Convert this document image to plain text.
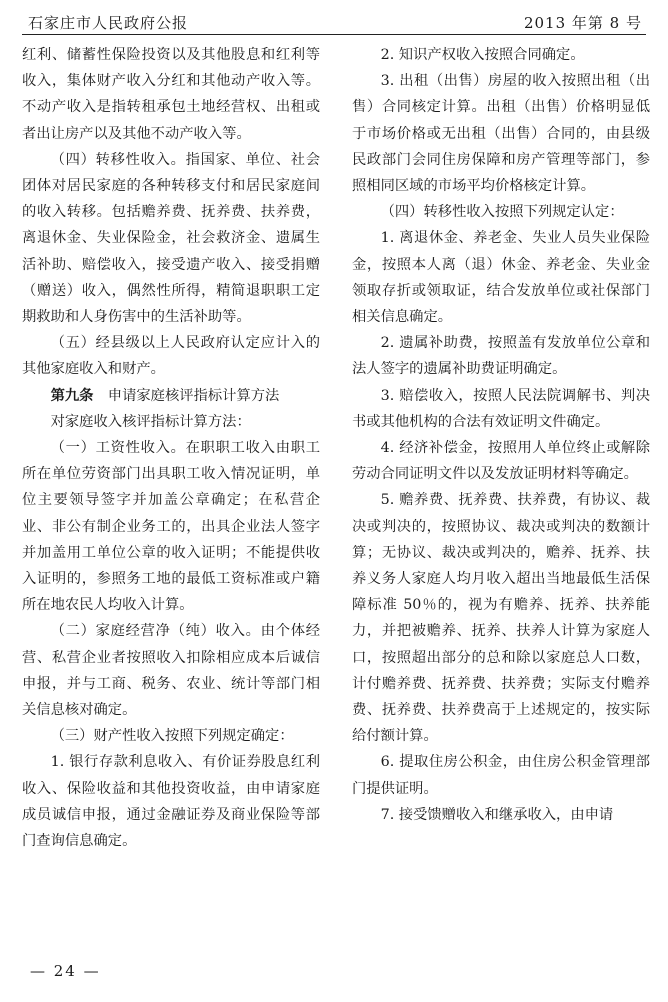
石家庄市人民政府公报	2013 年第 8 号

红利、储蓄性保险投资以及其他股息和红利等收入，集体财产收入分红和其他动产收入等。不动产收入是指转租承包土地经营权、出租或者出让房产以及其他不动产收入等。

（四）转移性收入。指国家、单位、社会团体对居民家庭的各种转移支付和居民家庭间的收入转移。包括赡养费、抚养费、扶养费，离退休金、失业保险金，社会救济金、遗属生活补助、赔偿收入，接受遗产收入、接受捐赠（赠送）收入，偶然性所得，精简退职职工定期救助和人身伤害中的生活补助等。

（五）经县级以上人民政府认定应计入的其他家庭收入和财产。

第九条　 申请家庭核评指标计算方法

对家庭收入核评指标计算方法：

（一）工资性收入。在职职工收入由职工所在单位劳资部门出具职工收入情况证明，单位主要领导签字并加盖公章确定；在私营企业、非公有制企业务工的，出具企业法人签字并加盖用工单位公章的收入证明；不能提供收入证明的，参照务工地的最低工资标准或户籍所在地农民人均收入计算。

（二）家庭经营净（纯）收入。由个体经营、私营企业者按照收入扣除相应成本后诚信申报，并与工商、税务、农业、统计等部门相关信息核对确定。

（三）财产性收入按照下列规定确定：

1. 银行存款利息收入、有价证券股息红利收入、保险收益和其他投资收益，由申请家庭成员诚信申报，通过金融证券及商业保险等部门查询信息确定。

2. 知识产权收入按照合同确定。

3. 出租（出售）房屋的收入按照出租（出售）合同核定计算。出租（出售）价格明显低于市场价格或无出租（出售）合同的，由县级民政部门会同住房保障和房产管理等部门，参照相同区域的市场平均价格核定计算。

（四）转移性收入按照下列规定认定：

1. 离退休金、养老金、失业人员失业保险金，按照本人离（退）休金、养老金、失业金领取存折或领取证，结合发放单位或社保部门相关信息确定。

2. 遗属补助费，按照盖有发放单位公章和法人签字的遗属补助费证明确定。

3. 赔偿收入，按照人民法院调解书、判决书或其他机构的合法有效证明文件确定。

4. 经济补偿金，按照用人单位终止或解除劳动合同证明文件以及发放证明材料等确定。

5. 赡养费、抚养费、扶养费，有协议、裁决或判决的，按照协议、裁决或判决的数额计算；无协议、裁决或判决的，赡养、抚养、扶养义务人家庭人均月收入超出当地最低生活保障标准 50％的，视为有赡养、抚养、扶养能力，并把被赡养、抚养、扶养人计算为家庭人口，按照超出部分的总和除以家庭总人口数，计付赡养费、抚养费、扶养费；实际支付赡养费、抚养费、扶养费高于上述规定的，按实际给付额计算。

6. 提取住房公积金，由住房公积金管理部门提供证明。

7. 接受馈赠收入和继承收入，由申请

— 24 —
